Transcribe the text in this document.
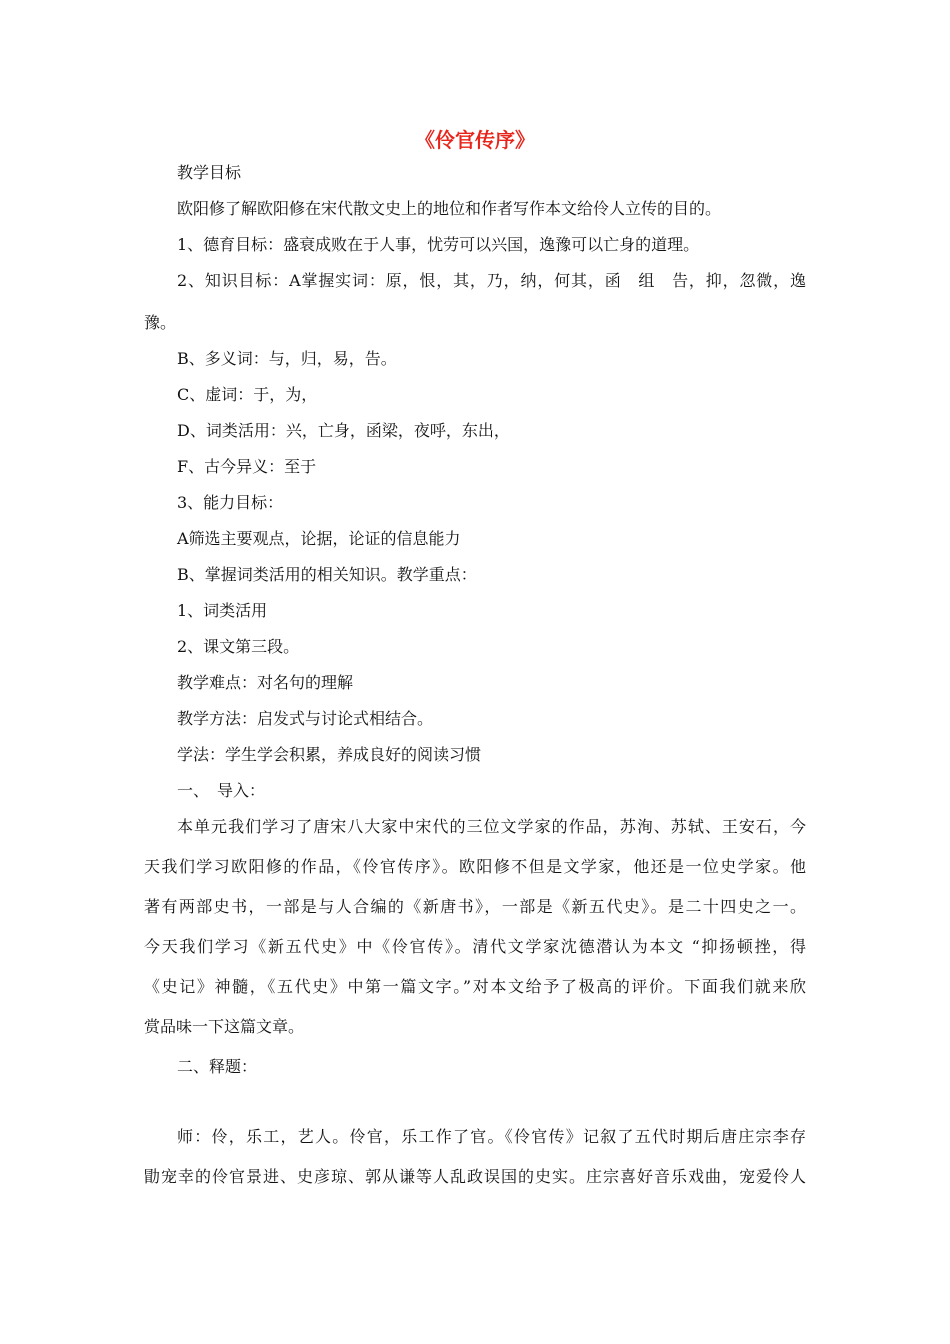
《伶官传序》
教学目标
欧阳修了解欧阳修在宋代散文史上的地位和作者写作本文给伶人立传的目的。
1、德育目标：盛衰成败在于人事，忧劳可以兴国，逸豫可以亡身的道理。
2、知识目标：A掌握实词：原，恨，其，乃，纳，何其，函　组　告，抑，忽微，逸
豫。
B、多义词：与，归，易，告。
C、虚词：于，为，
D、词类活用：兴，亡身，函梁，夜呼，东出，
F、古今异义：至于
3、能力目标：
A筛选主要观点，论据，论证的信息能力
B、掌握词类活用的相关知识。教学重点：
1、词类活用
2、课文第三段。
教学难点：对名句的理解
教学方法：启发式与讨论式相结合。
学法：学生学会积累，养成良好的阅读习惯
一、　导入：
本单元我们学习了唐宋八大家中宋代的三位文学家的作品，苏洵、苏轼、王安石，今
天我们学习欧阳修的作品，《伶官传序》。欧阳修不但是文学家，他还是一位史学家。他
著有两部史书，一部是与人合编的《新唐书》，一部是《新五代史》。是二十四史之一。
今天我们学习《新五代史》中《伶官传》。清代文学家沈德潜认为本文 “抑扬顿挫，得
《史记》神髓，《五代史》中第一篇文字。”对本文给予了极高的评价。下面我们就来欣
赏品味一下这篇文章。
二、释题：
师：伶，乐工，艺人。伶官，乐工作了官。《伶官传》记叙了五代时期后唐庄宗李存
勖宠幸的伶官景进、史彦琼、郭从谦等人乱政误国的史实。庄宗喜好音乐戏曲，宠爱伶人
